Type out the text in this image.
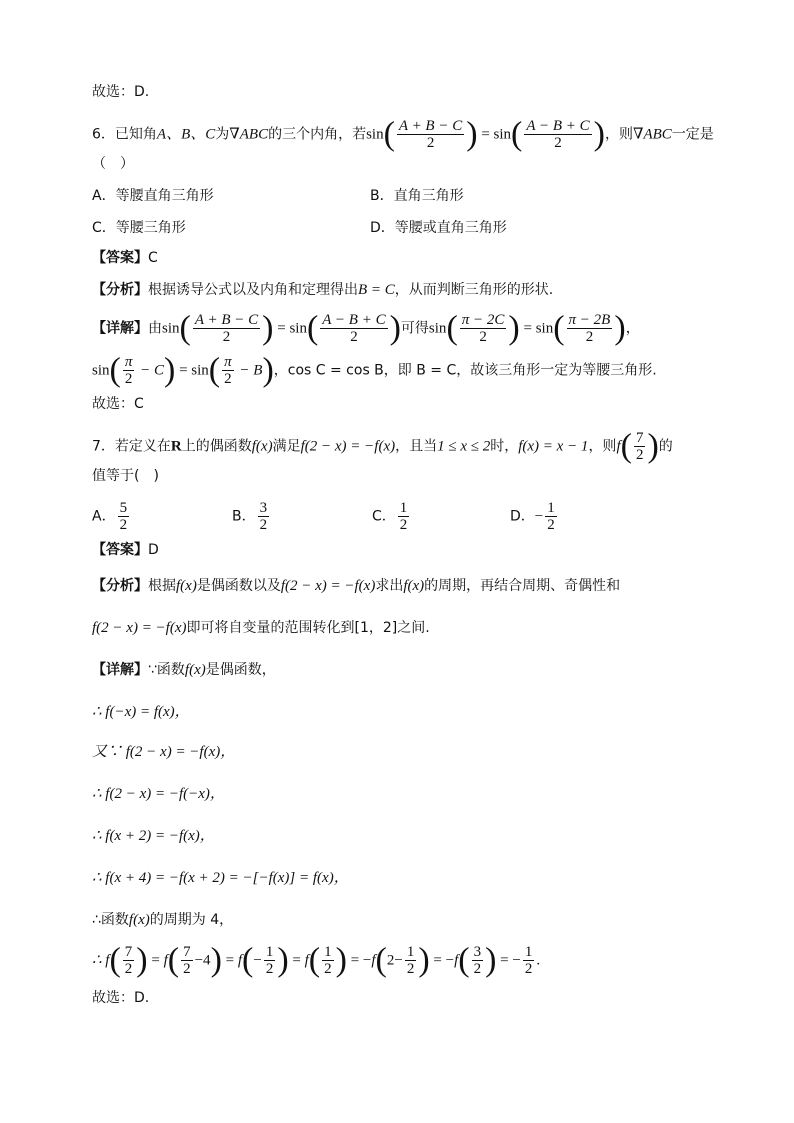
故选：D.
6．已知角A、B、C为∇ABC的三个内角，若$\sin( \frac{A + B - C}{2}$ ) = $\sin( \frac{A - B + C}{2}$ )，则∇ABC一定是
（　）
A．等腰直角三角形	B．直角三角形
C．等腰三角形	D．等腰或直角三角形
【答案】C
【分析】根据诱导公式以及内角和定理得出B = C，从而判断三角形的形状.
【详解】由$\sin( \frac{A + B - C}{2}$ ) = $\sin( \frac{A - B + C}{2}$ )可得$\sin( \frac{\pi - 2C}{2}$ ) = $\sin( \frac{\pi - 2B}{2}$ )，
$\sin( \frac{\pi}{2} - C) = \sin( \frac{\pi}{2} - B)$，cos C = cos B，即 B = C，故该三角形一定为等腰三角形.
故选：C
7．若定义在R上的偶函数f(x)满足f(2 − x) = −f(x)，且当1 ≤ x ≤ 2时，f(x) = x − 1，则$f( \frac{7}{2}$ )的
值等于(　)
A． $\frac{5}{2}$	B． $\frac{3}{2}$	C． $\frac{1}{2}$	D．− $\frac{1}{2}$
【答案】D
【分析】根据f(x)是偶函数以及f(2 − x) = −f(x)求出f(x)的周期，再结合周期、奇偶性和
f(2 − x) = −f(x)即可将自变量的范围转化到[1，2]之间.
【详解】∵函数f(x)是偶函数，
∴ f(−x) = f(x)，
又∵ f(2 − x) = −f(x)，
∴ f(2 − x) = −f(−x)，
∴ f(x + 2) = −f(x)，
∴ f(x + 4) = −f(x + 2) = −[−f(x)] = f(x)，
∴函数f(x)的周期为 4，
∴ $f( \frac{7}{2}$ ) = $f( \frac{7}{2} -4) = f(- \frac{1}{2}$ ) = $f( \frac{1}{2}$ ) = $-f(2- \frac{1}{2}$ ) = $-f( \frac{3}{2}$ ) = − $\frac{1}{2}$ .
故选：D.
